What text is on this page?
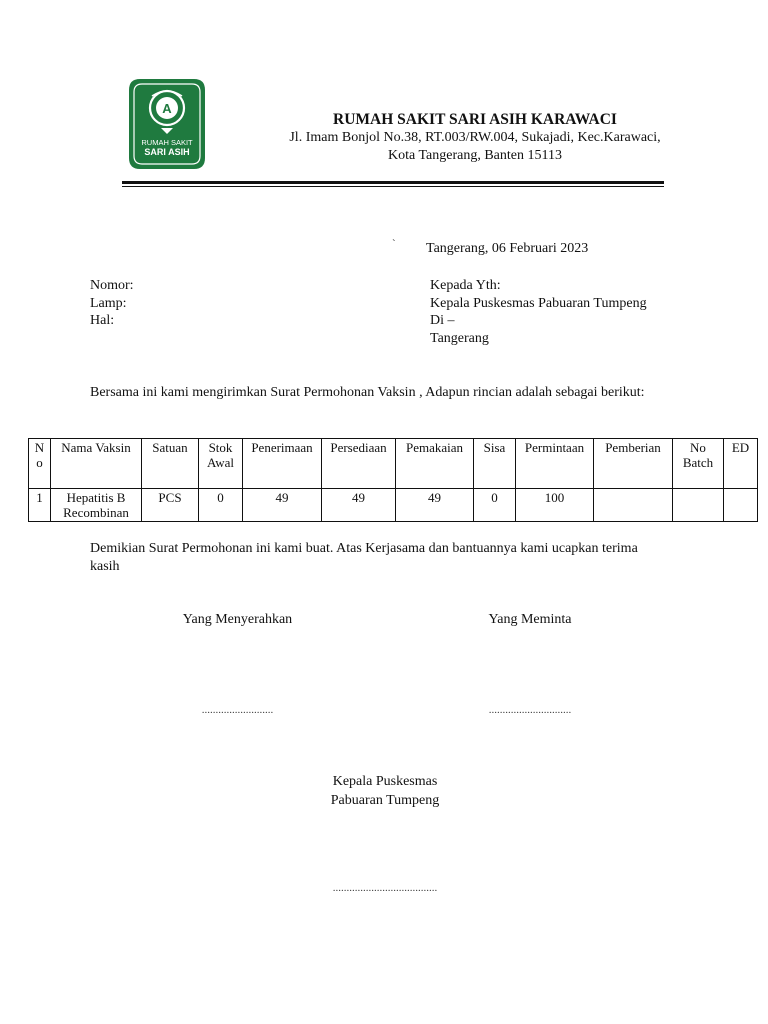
A
RUMAH SAKIT
SARI ASIH
RUMAH SAKIT SARI ASIH KARAWACI
Jl. Imam Bonjol No.38, RT.003/RW.004, Sukajadi, Kec.Karawaci,
Kota Tangerang, Banten 15113
` Tangerang, 06 Februari 2023
Nomor:
Lamp:
Hal:
Kepada Yth:
Kepala Puskesmas Pabuaran Tumpeng
Di –
Tangerang
Bersama ini kami mengirimkan Surat Permohonan Vaksin , Adapun rincian adalah sebagai berikut:
N o	Nama Vaksin	Satuan	Stok Awal	Penerimaan	Persediaan	Pemakaian	Sisa	Permintaan	Pemberian	No Batch	ED
1	Hepatitis B Recombinan	PCS	0	49	49	49	0	100			
Demikian Surat Permohonan ini kami buat. Atas Kerjasama dan bantuannya kami ucapkan terima kasih
Yang Menyerahkan	Yang Meminta
..........................	..............................
Kepala Puskesmas
Pabuaran Tumpeng
......................................
